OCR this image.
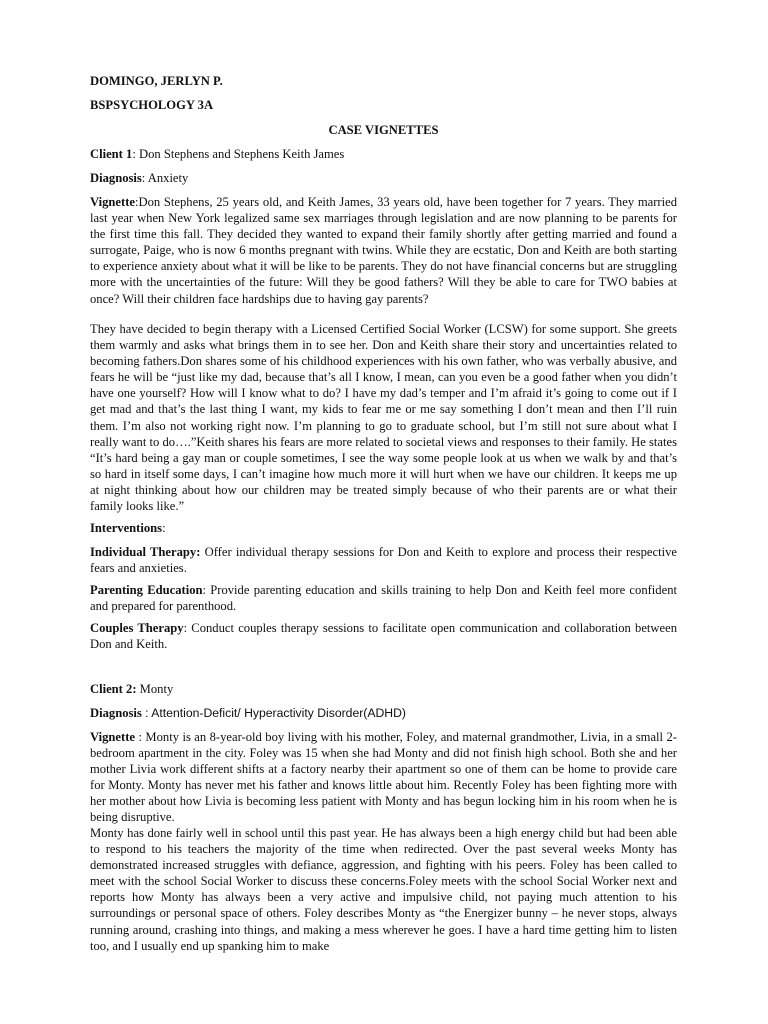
DOMINGO, JERLYN P.

BSPSYCHOLOGY 3A

CASE VIGNETTES

Client 1: Don Stephens and Stephens Keith James

Diagnosis: Anxiety

Vignette:Don Stephens, 25 years old, and Keith James, 33 years old, have been together for 7 years. They married last year when New York legalized same sex marriages through legislation and are now planning to be parents for the first time this fall. They decided they wanted to expand their family shortly after getting married and found a surrogate, Paige, who is now 6 months pregnant with twins. While they are ecstatic, Don and Keith are both starting to experience anxiety about what it will be like to be parents. They do not have financial concerns but are struggling more with the uncertainties of the future: Will they be good fathers? Will they be able to care for TWO babies at once? Will their children face hardships due to having gay parents?

They have decided to begin therapy with a Licensed Certified Social Worker (LCSW) for some support. She greets them warmly and asks what brings them in to see her. Don and Keith share their story and uncertainties related to becoming fathers.Don shares some of his childhood experiences with his own father, who was verbally abusive, and fears he will be “just like my dad, because that’s all I know, I mean, can you even be a good father when you didn’t have one yourself? How will I know what to do? I have my dad’s temper and I’m afraid it’s going to come out if I get mad and that’s the last thing I want, my kids to fear me or me say something I don’t mean and then I’ll ruin them. I’m also not working right now. I’m planning to go to graduate school, but I’m still not sure about what I really want to do….”Keith shares his fears are more related to societal views and responses to their family. He states “It’s hard being a gay man or couple sometimes, I see the way some people look at us when we walk by and that’s so hard in itself some days, I can’t imagine how much more it will hurt when we have our children. It keeps me up at night thinking about how our children may be treated simply because of who their parents are or what their family looks like.”

Interventions:

Individual Therapy: Offer individual therapy sessions for Don and Keith to explore and process their respective fears and anxieties.

Parenting Education: Provide parenting education and skills training to help Don and Keith feel more confident and prepared for parenthood.

Couples Therapy: Conduct couples therapy sessions to facilitate open communication and collaboration between Don and Keith.

Client 2: Monty

Diagnosis : Attention-Deficit/ Hyperactivity Disorder(ADHD)

Vignette : Monty is an 8-year-old boy living with his mother, Foley, and maternal grandmother, Livia, in a small 2-bedroom apartment in the city. Foley was 15 when she had Monty and did not finish high school. Both she and her mother Livia work different shifts at a factory nearby their apartment so one of them can be home to provide care for Monty. Monty has never met his father and knows little about him. Recently Foley has been fighting more with her mother about how Livia is becoming less patient with Monty and has begun locking him in his room when he is being disruptive.

Monty has done fairly well in school until this past year. He has always been a high energy child but had been able to respond to his teachers the majority of the time when redirected. Over the past several weeks Monty has demonstrated increased struggles with defiance, aggression, and fighting with his peers. Foley has been called to meet with the school Social Worker to discuss these concerns.Foley meets with the school Social Worker next and reports how Monty has always been a very active and impulsive child, not paying much attention to his surroundings or personal space of others. Foley describes Monty as “the Energizer bunny – he never stops, always running around, crashing into things, and making a mess wherever he goes. I have a hard time getting him to listen too, and I usually end up spanking him to make
